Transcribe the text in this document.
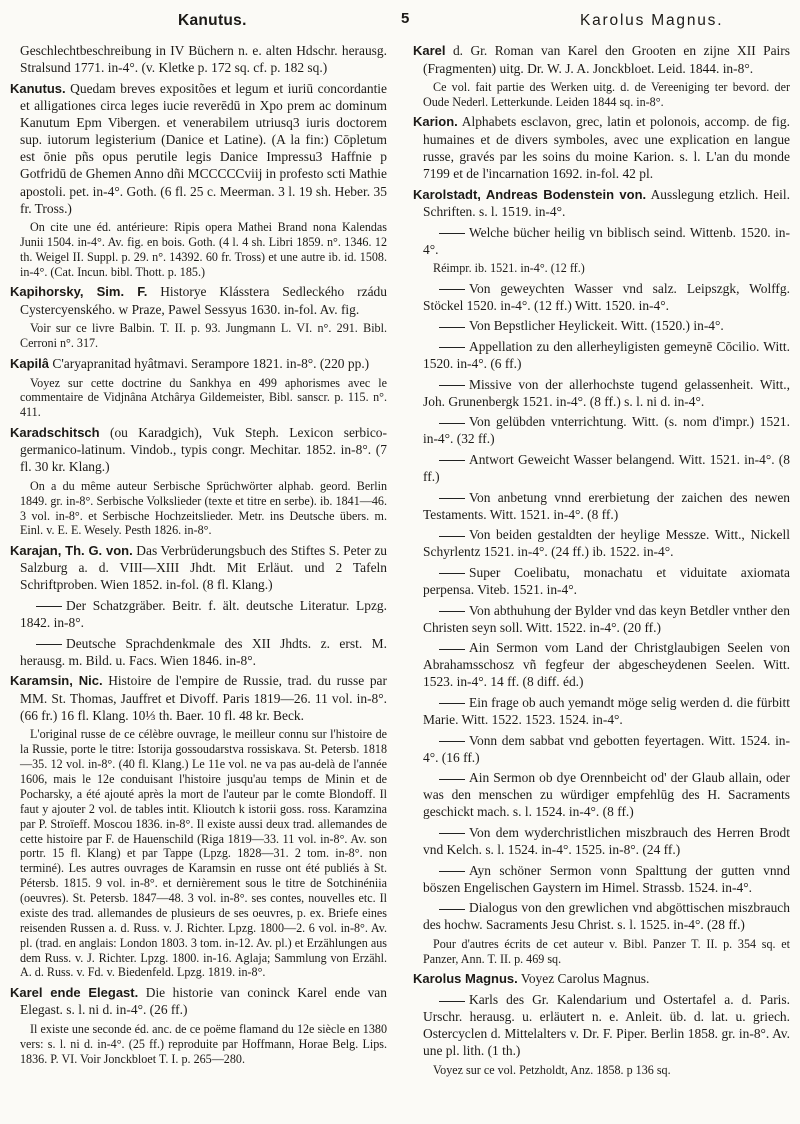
Kanutus.	5	Karolus Magnus.

Geschlechtbeschreibung in IV Büchern n. e. alten Hdschr. herausg. Stralsund 1771. in-4°. (v. Kletke p. 172 sq. cf. p. 182 sq.)

Kanutus. Quedam breves expositões et legum et iuriū concordantie et alligationes circa leges iucie reverēdū in Xpo prem ac dominum Kanutum Epm Vibergen. et venerabilem utriusq3 iuris doctorem sup. iutorum legisterium (Danice et Latine). (A la fin:) Cōpletum est ōnie pñs opus perutile legis Danice Impressu3 Haffnie p Gotfridū de Ghemen Anno dñi MCCCCCviij in profesto scti Mathie apostoli. pet. in-4°. Goth. (6 fl. 25 c. Meerman. 3 l. 19 sh. Heber. 35 fr. Tross.)

On cite une éd. antérieure: Ripis opera Mathei Brand nona Kalendas Junii 1504. in-4°. Av. fig. en bois. Goth. (4 l. 4 sh. Libri 1859. n°. 1346. 12 th. Weigel II. Suppl. p. 29. n°. 14392. 60 fr. Tross) et une autre ib. id. 1508. in-4°. (Cat. Incun. bibl. Thott. p. 185.)

Kapihorsky, Sim. F. Historye Klásstera Sedleckého rzádu Cystercyenského. w Praze, Pawel Sessyus 1630. in-fol. Av. fig.

Voir sur ce livre Balbin. T. II. p. 93. Jungmann L. VI. n°. 291. Bibl. Cerroni n°. 317.

Kapilâ C'aryapranitad hyâtmavi. Serampore 1821. in-8°. (220 pp.)

Voyez sur cette doctrine du Sankhya en 499 aphorismes avec le commentaire de Vidjnâna Atchârya Gildemeister, Bibl. sanscr. p. 115. n°. 411.

Karadschitsch (ou Karadgich), Vuk Steph. Lexicon serbico-germanico-latinum. Vindob., typis congr. Mechitar. 1852. in-8°. (7 fl. 30 kr. Klang.)

On a du même auteur Serbische Sprüchwörter alphab. geord. Berlin 1849. gr. in-8°. Serbische Volkslieder (texte et titre en serbe). ib. 1841—46. 3 vol. in-8°. et Serbische Hochzeitslieder. Metr. ins Deutsche übers. m. Einl. v. E. E. Wesely. Pesth 1826. in-8°.

Karajan, Th. G. von. Das Verbrüderungsbuch des Stiftes S. Peter zu Salzburg a. d. VIII—XIII Jhdt. Mit Erläut. und 2 Tafeln Schriftproben. Wien 1852. in-fol. (8 fl. Klang.)

Der Schatzgräber. Beitr. f. ält. deutsche Literatur. Lpzg. 1842. in-8°.

Deutsche Sprachdenkmale des XII Jhdts. z. erst. M. herausg. m. Bild. u. Facs. Wien 1846. in-8°.

Karamsin, Nic. Histoire de l'empire de Russie, trad. du russe par MM. St. Thomas, Jauffret et Divoff. Paris 1819—26. 11 vol. in-8°. (66 fr.) 16 fl. Klang. 10⅓ th. Baer. 10 fl. 48 kr. Beck.

L'original russe de ce célèbre ouvrage, le meilleur connu sur l'histoire de la Russie, porte le titre: Istorija gossoudarstva rossiskava. St. Petersb. 1818—35. 12 vol. in-8°. (40 fl. Klang.) Le 11e vol. ne va pas au-delà de l'année 1606, mais le 12e conduisant l'histoire jusqu'au temps de Minin et de Pocharsky, a été ajouté après la mort de l'auteur par le comte Blondoff. Il faut y ajouter 2 vol. de tables intit. Klioutch k istorii goss. ross. Karamzina par P. Stroïeff. Moscou 1836. in-8°. Il existe aussi deux trad. allemandes de cette histoire par F. de Hauenschild (Riga 1819—33. 11 vol. in-8°. Av. son portr. 15 fl. Klang) et par Tappe (Lpzg. 1828—31. 2 tom. in-8°. non terminé). Les autres ouvrages de Karamsin en russe ont été publiés à St. Pétersb. 1815. 9 vol. in-8°. et dernièrement sous le titre de Sotchinéniia (oeuvres). St. Petersb. 1847—48. 3 vol. in-8°. ses contes, nouvelles etc. Il existe des trad. allemandes de plusieurs de ses oeuvres, p. ex. Briefe eines reisenden Russen a. d. Russ. v. J. Richter. Lpzg. 1800—2. 6 vol. in-8°. Av. pl. (trad. en anglais: London 1803. 3 tom. in-12. Av. pl.) et Erzählungen aus dem Russ. v. J. Richter. Lpzg. 1800. in-16. Aglaja; Sammlung von Erzähl. A. d. Russ. v. Fd. v. Biedenfeld. Lpzg. 1819. in-8°.

Karel ende Elegast. Die historie van coninck Karel ende van Elegast. s. l. ni d. in-4°. (26 ff.)

Il existe une seconde éd. anc. de ce poëme flamand du 12e siècle en 1380 vers: s. l. ni d. in-4°. (25 ff.) reproduite par Hoffmann, Horae Belg. Lips. 1836. P. VI. Voir Jonckbloet T. I. p. 265—280.

Karel d. Gr. Roman van Karel den Grooten en zijne XII Pairs (Fragmenten) uitg. Dr. W. J. A. Jonckbloet. Leid. 1844. in-8°.

Ce vol. fait partie des Werken uitg. d. de Vereeniging ter bevord. der Oude Nederl. Letterkunde. Leiden 1844 sq. in-8°.

Karion. Alphabets esclavon, grec, latin et polonois, accomp. de fig. humaines et de divers symboles, avec une explication en langue russe, gravés par les soins du moine Karion. s. l. L'an du monde 7199 et de l'incarnation 1692. in-fol. 42 pl.

Karolstadt, Andreas Bodenstein von. Ausslegung etzlich. Heil. Schriften. s. l. 1519. in-4°.

Welche bücher heilig vn biblisch seind. Wittenb. 1520. in-4°.

Réimpr. ib. 1521. in-4°. (12 ff.)

Von geweychten Wasser vnd salz. Leipszgk, Wolffg. Stöckel 1520. in-4°. (12 ff.) Witt. 1520. in-4°.

Von Bepstlicher Heylickeit. Witt. (1520.) in-4°.

Appellation zu den allerheyligisten gemeynē Cōcilio. Witt. 1520. in-4°. (6 ff.)

Missive von der allerhochste tugend gelassenheit. Witt., Joh. Grunenbergk 1521. in-4°. (8 ff.) s. l. ni d. in-4°.

Von gelübden vnterrichtung. Witt. (s. nom d'impr.) 1521. in-4°. (32 ff.)

Antwort Geweicht Wasser belangend. Witt. 1521. in-4°. (8 ff.)

Von anbetung vnnd ererbietung der zaichen des newen Testaments. Witt. 1521. in-4°. (8 ff.)

Von beiden gestaldten der heylige Messze. Witt., Nickell Schyrlentz 1521. in-4°. (24 ff.) ib. 1522. in-4°.

Super Coelibatu, monachatu et viduitate axiomata perpensa. Viteb. 1521. in-4°.

Von abthuhung der Bylder vnd das keyn Betdler vnther den Christen seyn soll. Witt. 1522. in-4°. (20 ff.)

Ain Sermon vom Land der Christglaubigen Seelen von Abrahamsschosz vñ fegfeur der abgescheydenen Seelen. Witt. 1523. in-4°. 14 ff. (8 diff. éd.)

Ein frage ob auch yemandt möge selig werden d. die fürbitt Marie. Witt. 1522. 1523. 1524. in-4°.

Vonn dem sabbat vnd gebotten feyertagen. Witt. 1524. in-4°. (16 ff.)

Ain Sermon ob dye Orennbeicht od' der Glaub allain, oder was den menschen zu würdiger empfehlūg des H. Sacraments geschickt mach. s. l. 1524. in-4°. (8 ff.)

Von dem wyderchristlichen miszbrauch des Herren Brodt vnd Kelch. s. l. 1524. in-4°. 1525. in-8°. (24 ff.)

Ayn schöner Sermon vonn Spalttung der gutten vnnd böszen Engelischen Gaystern im Himel. Strassb. 1524. in-4°.

Dialogus von den grewlichen vnd abgöttischen miszbrauch des hochw. Sacraments Jesu Christ. s. l. 1525. in-4°. (28 ff.)

Pour d'autres écrits de cet auteur v. Bibl. Panzer T. II. p. 354 sq. et Panzer, Ann. T. II. p. 469 sq.

Karolus Magnus. Voyez Carolus Magnus.

Karls des Gr. Kalendarium und Ostertafel a. d. Paris. Urschr. herausg. u. erläutert n. e. Anleit. üb. d. lat. u. griech. Ostercyclen d. Mittelalters v. Dr. F. Piper. Berlin 1858. gr. in-8°. Av. une pl. lith. (1 th.)

Voyez sur ce vol. Petzholdt, Anz. 1858. p 136 sq.
